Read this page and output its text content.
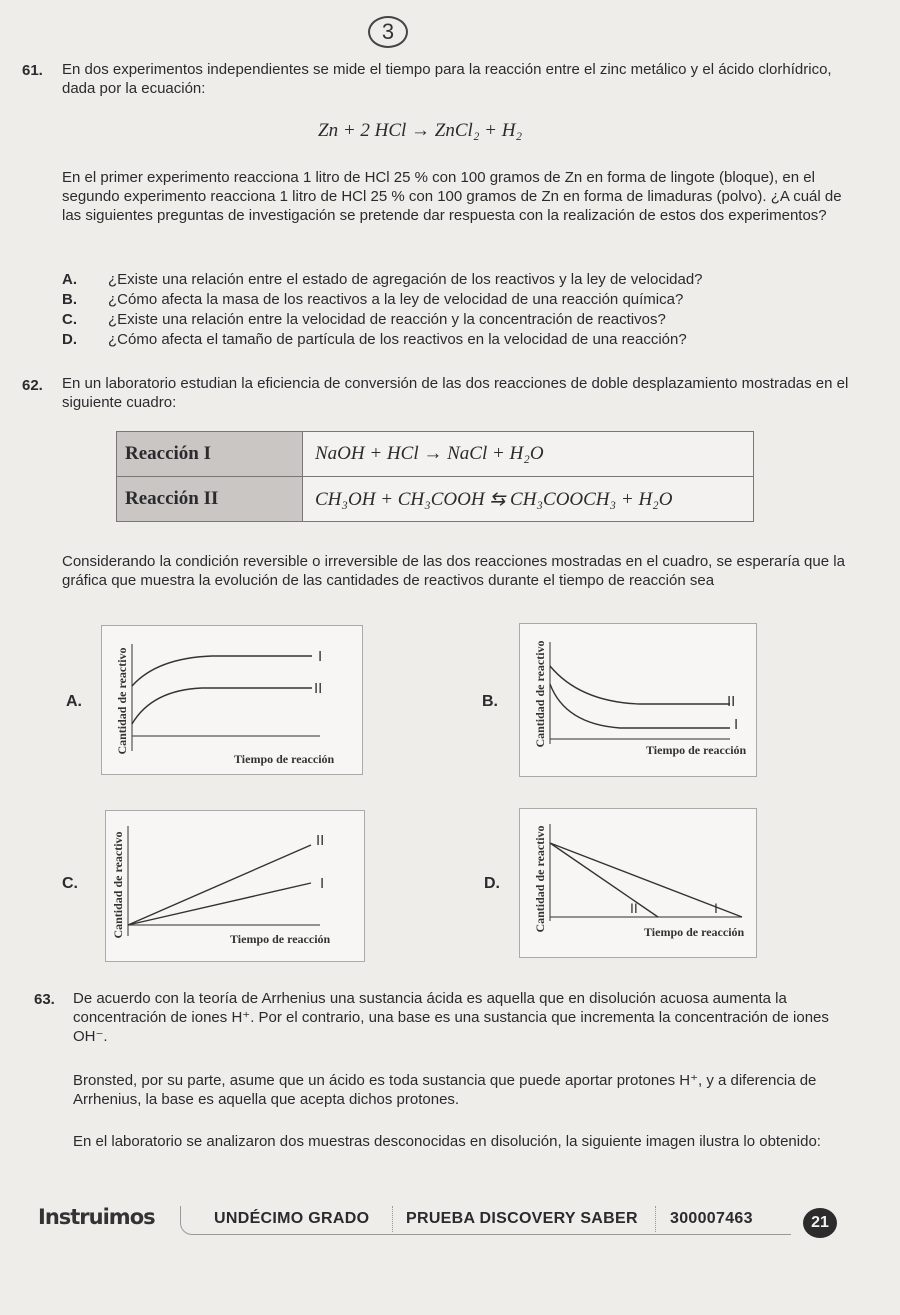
3
61. En dos experimentos independientes se mide el tiempo para la reacción entre el zinc metálico y el ácido clorhídrico, dada por la ecuación:
Zn + 2 HCl → ZnCl₂ + H₂
En el primer experimento reacciona 1 litro de HCl 25 % con 100 gramos de Zn en forma de lingote (bloque), en el segundo experimento reacciona 1 litro de HCl 25 % con 100 gramos de Zn en forma de limaduras (polvo). ¿A cuál de las siguientes preguntas de investigación se pretende dar respuesta con la realización de estos dos experimentos?
A. ¿Existe una relación entre el estado de agregación de los reactivos y la ley de velocidad?
B. ¿Cómo afecta la masa de los reactivos a la ley de velocidad de una reacción química?
C. ¿Existe una relación entre la velocidad de reacción y la concentración de reactivos?
D. ¿Cómo afecta el tamaño de partícula de los reactivos en la velocidad de una reacción?
62. En un laboratorio estudian la eficiencia de conversión de las dos reacciones de doble desplazamiento mostradas en el siguiente cuadro:
Reacción I	NaOH + HCl → NaCl + H₂O
Reacción II	CH₃OH + CH₃COOH ⇆ CH₃COOCH₃ + H₂O
Considerando la condición reversible o irreversible de las dos reacciones mostradas en el cuadro, se esperaría que la gráfica que muestra la evolución de las cantidades de reactivos durante el tiempo de reacción sea
A.	Cantidad de reactivo	I
II
Tiempo de reacción
B.	Cantidad de reactivo	II
I
Tiempo de reacción
C.	Cantidad de reactivo	II
I
Tiempo de reacción
D.	Cantidad de reactivo	II	I
Tiempo de reacción
63. De acuerdo con la teoría de Arrhenius una sustancia ácida es aquella que en disolución acuosa aumenta la concentración de iones H⁺. Por el contrario, una base es una sustancia que incrementa la concentración de iones OH⁻.
Bronsted, por su parte, asume que un ácido es toda sustancia que puede aportar protones H⁺, y a diferencia de Arrhenius, la base es aquella que acepta dichos protones.
En el laboratorio se analizaron dos muestras desconocidas en disolución, la siguiente imagen ilustra lo obtenido:
Instruimos	UNDÉCIMO GRADO PRUEBA DISCOVERY SABER 300007463	21
